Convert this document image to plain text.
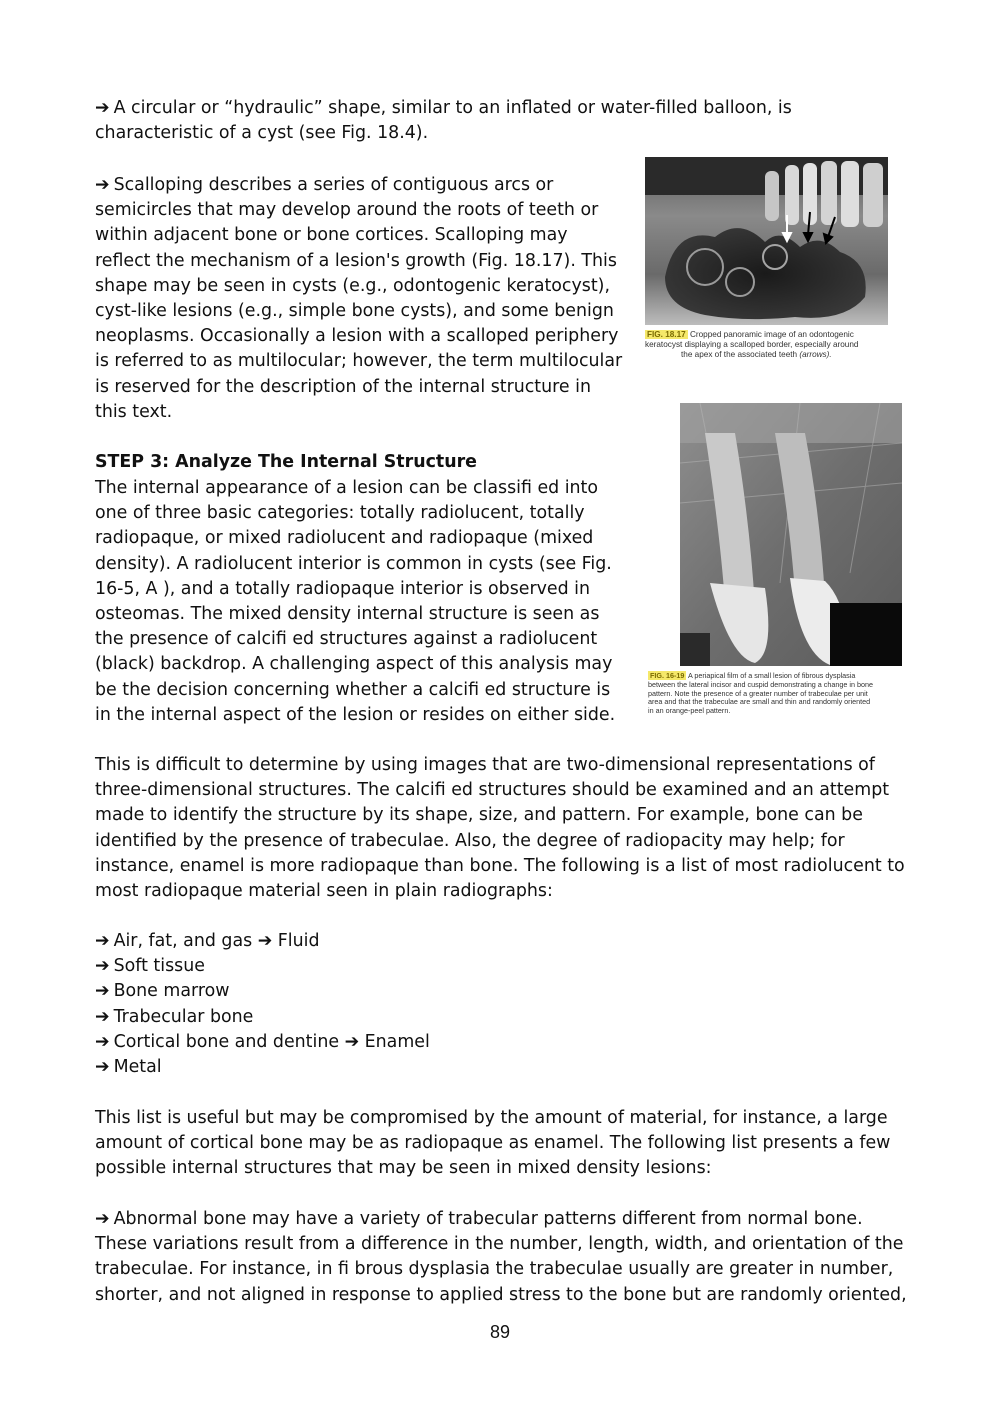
➔ A circular or “hydraulic” shape, similar to an inflated or water-filled balloon, is characteristic of a cyst (see Fig. 18.4).
➔ Scalloping describes a series of contiguous arcs or semicircles that may develop around the roots of teeth or within adjacent bone or bone cortices. Scalloping may reflect the mechanism of a lesion's growth (Fig. 18.17). This shape may be seen in cysts (e.g., odontogenic keratocyst), cyst-like lesions (e.g., simple bone cysts), and some benign neoplasms. Occasionally a lesion with a scalloped periphery is referred to as multilocular; however, the term multilocular is reserved for the description of the internal structure in this text.
STEP 3: Analyze The Internal Structure
The internal appearance of a lesion can be classifi ed into one of three basic categories: totally radiolucent, totally radiopaque, or mixed radiolucent and radiopaque (mixed density). A radiolucent interior is common in cysts (see Fig. 16-5, A ), and a totally radiopaque interior is observed in osteomas. The mixed density internal structure is seen as the presence of calcifi ed structures against a radiolucent (black) backdrop. A challenging aspect of this analysis may be the decision concerning whether a calcifi ed structure is in the internal aspect of the lesion or resides on either side.
This is difficult to determine by using images that are two-dimensional representations of three-dimensional structures. The calcifi ed structures should be examined and an attempt made to identify the structure by its shape, size, and pattern. For example, bone can be identified by the presence of trabeculae. Also, the degree of radiopacity may help; for instance, enamel is more radiopaque than bone. The following is a list of most radiolucent to most radiopaque material seen in plain radiographs:
➔ Air, fat, and gas ➔ Fluid
➔ Soft tissue
➔ Bone marrow
➔ Trabecular bone
➔ Cortical bone and dentine ➔ Enamel
➔ Metal
This list is useful but may be compromised by the amount of material, for instance, a large amount of cortical bone may be as radiopaque as enamel. The following list presents a few possible internal structures that may be seen in mixed density lesions:
➔ Abnormal bone may have a variety of trabecular patterns different from normal bone. These variations result from a difference in the number, length, width, and orientation of the trabeculae. For instance, in fi brous dysplasia the trabeculae usually are greater in number, shorter, and not aligned in response to applied stress to the bone but are randomly oriented,
FIG. 18.17 Cropped panoramic image of an odontogenic
keratocyst displaying a scalloped border, especially around
the apex of the associated teeth (arrows).
FIG. 16-19 A periapical film of a small lesion of fibrous dysplasia
between the lateral incisor and cuspid demonstrating a change in bone
pattern. Note the presence of a greater number of trabeculae per unit
area and that the trabeculae are small and thin and randomly oriented
in an orange-peel pattern.
89
